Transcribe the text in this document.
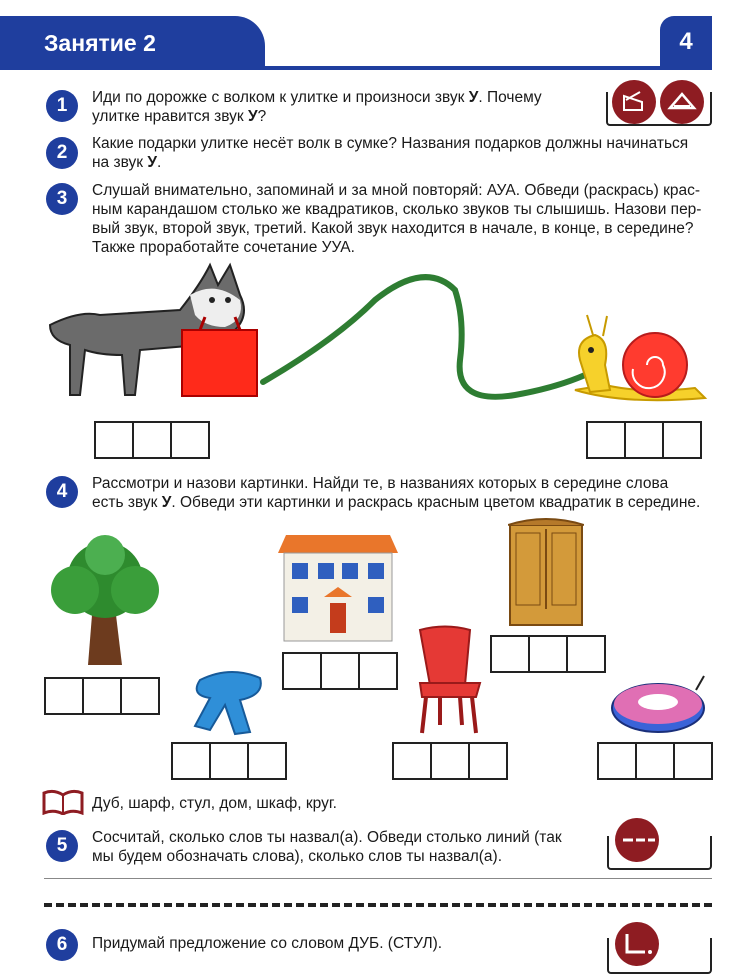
Занятие 2	4
1	Иди по дорожке с волком к улитке и произноси звук У. Почему
улитке нравится звук У?
2	Какие подарки улитке несёт волк в сумке? Названия подарков должны начинаться
на звук У.
3	Слушай внимательно, запоминай и за мной повторяй: АУА. Обведи (раскрась) крас-
ным карандашом столько же квадратиков, сколько звуков ты слышишь. Назови пер-
вый звук, второй звук, третий. Какой звук находится в начале, в конце, в середине?
Также проработайте сочетание УУА.
4	Рассмотри и назови картинки. Найди те, в названиях которых в середине слова
есть звук У. Обведи эти картинки и раскрась красным цветом квадратик в середине.
Дуб, шарф, стул, дом, шкаф, круг.
5	Сосчитай, сколько слов ты назвал(а). Обведи столько линий (так
мы будем обозначать слова), сколько слов ты назвал(а).
6	Придумай предложение со словом ДУБ. (СТУЛ).
